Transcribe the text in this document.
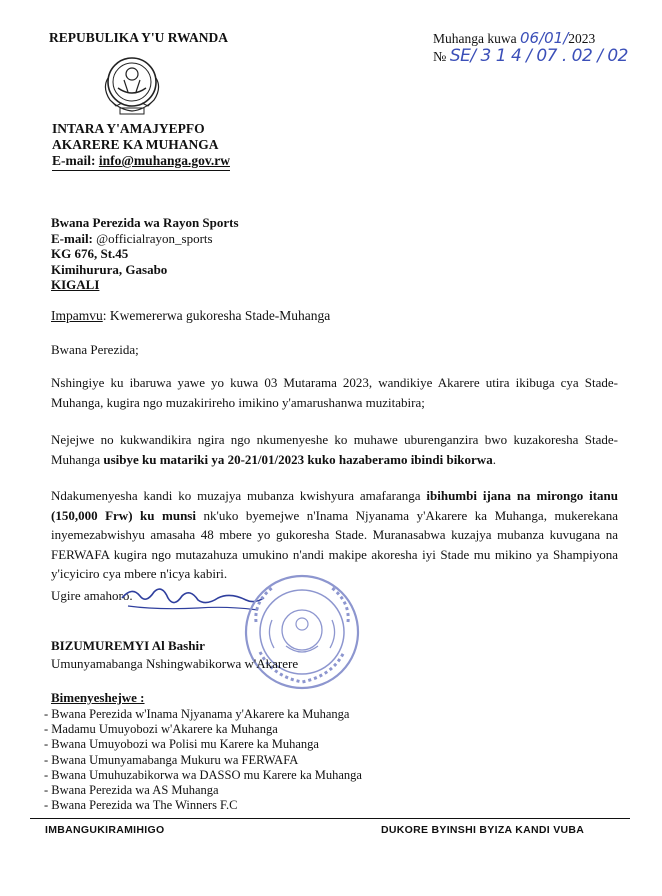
REPUBULIKA Y'U RWANDA
INTARA Y'AMAJYEPFO
AKARERE KA MUHANGA
E-mail: info@muhanga.gov.rw
Muhanga kuwa 06/01/2023
№ SE/ 3 1 4 / 07 . 02 / 02
Bwana Perezida wa Rayon Sports
E-mail: @officialrayon_sports
KG 676, St.45
Kimihurura, Gasabo
KIGALI
Impamvu: Kwemererwa gukoresha Stade-Muhanga
Bwana Perezida;

Nshingiye ku ibaruwa yawe yo kuwa 03 Mutarama 2023, wandikiye Akarere utira ikibuga cya Stade-Muhanga, kugira ngo muzakirireho imikino y'amarushanwa muzitabira;

Nejejwe no kukwandikira ngira ngo nkumenyeshe ko muhawe uburenganzira bwo kuzakoresha Stade-Muhanga usibye ku matariki ya 20-21/01/2023 kuko hazaberamo ibindi bikorwa.

Ndakumenyesha kandi ko muzajya mubanza kwishyura amafaranga ibihumbi ijana na mirongo itanu (150,000 Frw) ku munsi nk'uko byemejwe n'Inama Njyanama y'Akarere ka Muhanga, mukerekana inyemezabwishyu amasaha 48 mbere yo gukoresha Stade. Muranasabwa kuzajya mubanza kuvugana na FERWAFA kugira ngo mutazahuza umukino n'andi makipe akoresha iyi Stade mu mikino ya Shampiyona y'icyiciro cya mbere n'icya kabiri.

Ugire amahoro.
BIZUMUREMYI Al Bashir
Umunyamabanga Nshingwabikorwa w'Akarere
Bimenyeshejwe :
- Bwana Perezida w'Inama Njyanama y'Akarere ka Muhanga
- Madamu Umuyobozi w'Akarere ka Muhanga
- Bwana Umuyobozi wa Polisi mu Karere ka Muhanga
- Bwana Umunyamabanga Mukuru wa FERWAFA
- Bwana Umuhuzabikorwa wa DASSO mu Karere ka Muhanga
- Bwana Perezida wa AS Muhanga
- Bwana Perezida wa The Winners F.C
IMBANGUKIRAMIHIGO	DUKORE BYINSHI BYIZA KANDI VUBA
